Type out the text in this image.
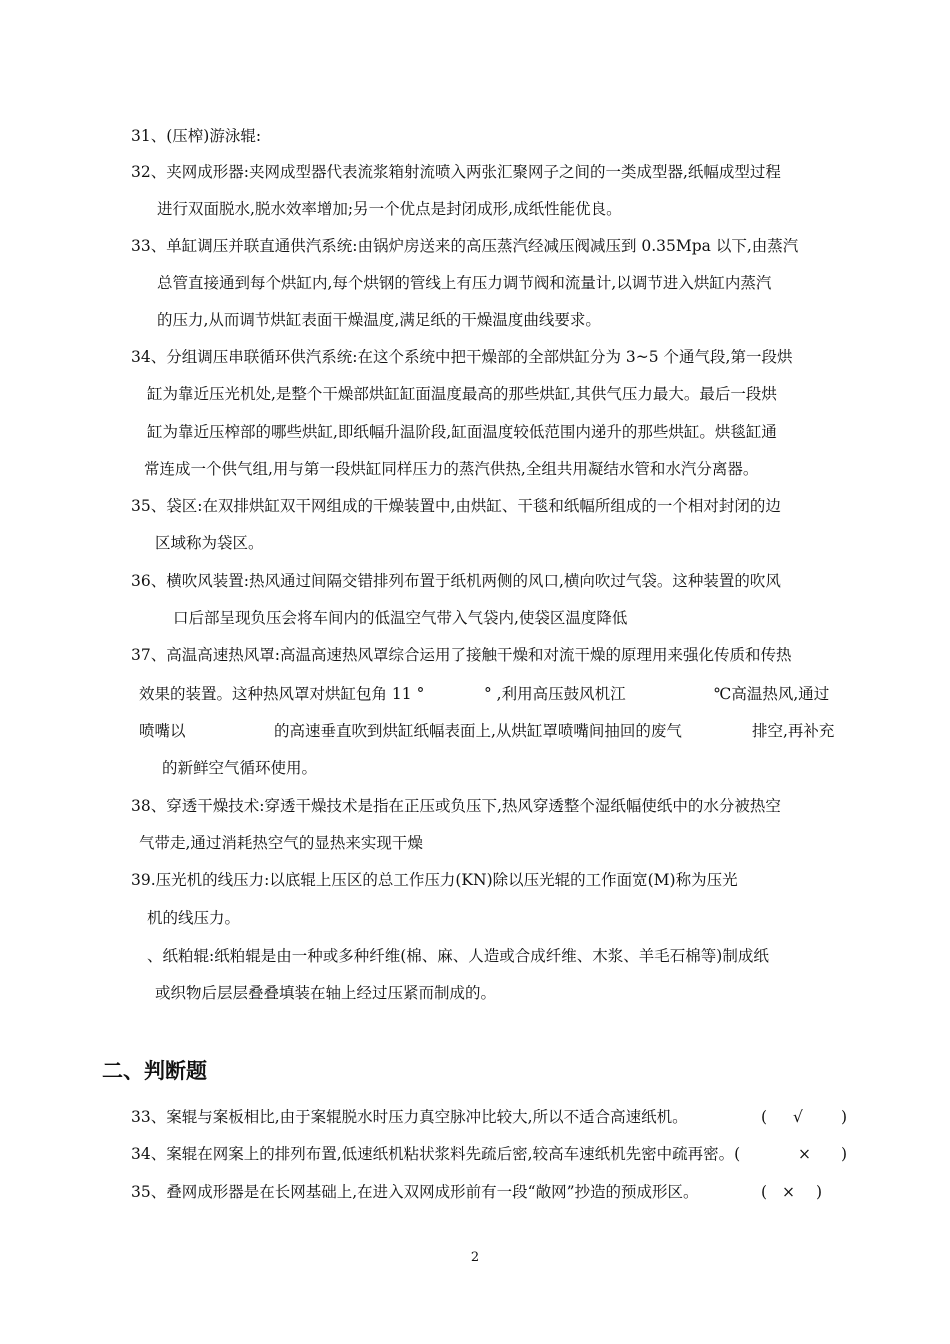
31、(压榨)游泳辊:
32、夹网成形器:夹网成型器代表流浆箱射流喷入两张汇聚网子之间的一类成型器,纸幅成型过程
进行双面脱水,脱水效率增加;另一个优点是封闭成形,成纸性能优良。
33、单缸调压并联直通供汽系统:由锅炉房送来的高压蒸汽经减压阀减压到 0.35Mpa 以下,由蒸汽
总管直接通到每个烘缸内,每个烘钢的管线上有压力调节阀和流量计,以调节进入烘缸内蒸汽
的压力,从而调节烘缸表面干燥温度,满足纸的干燥温度曲线要求。
34、分组调压串联循环供汽系统:在这个系统中把干燥部的全部烘缸分为 3~5 个通气段,第一段烘
缸为靠近压光机处,是整个干燥部烘缸缸面温度最高的那些烘缸,其供气压力最大。最后一段烘
缸为靠近压榨部的哪些烘缸,即纸幅升温阶段,缸面温度较低范围内递升的那些烘缸。烘毯缸通
常连成一个供气组,用与第一段烘缸同样压力的蒸汽供热,全组共用凝结水管和水汽分离器。
35、袋区:在双排烘缸双干网组成的干燥装置中,由烘缸、干毯和纸幅所组成的一个相对封闭的边
区域称为袋区。
36、横吹风装置:热风通过间隔交错排列布置于纸机两侧的风口,横向吹过气袋。这种装置的吹风
口后部呈现负压会将车间内的低温空气带入气袋内,使袋区温度降低
37、高温高速热风罩:高温高速热风罩综合运用了接触干燥和对流干燥的原理用来强化传质和传热
效果的装置。这种热风罩对烘缸包角 11 °	° ,利用高压鼓风机江	℃高温热风,通过
喷嘴以	的高速垂直吹到烘缸纸幅表面上,从烘缸罩喷嘴间抽回的废气	排空,再补充
的新鲜空气循环使用。
38、穿透干燥技术:穿透干燥技术是指在正压或负压下,热风穿透整个湿纸幅使纸中的水分被热空
气带走,通过消耗热空气的显热来实现干燥
39.压光机的线压力:以底辊上压区的总工作压力(KN)除以压光辊的工作面宽(M)称为压光
机的线压力。
、纸粕辊:纸粕辊是由一种或多种纤维(棉、麻、人造或合成纤维、木浆、羊毛石棉等)制成纸
或织物后层层叠叠填装在轴上经过压紧而制成的。
二、判断题
33、案辊与案板相比,由于案辊脱水时压力真空脉冲比较大,所以不适合高速纸机。	( √ )
34、案辊在网案上的排列布置,低速纸机粘状浆料先疏后密,较高车速纸机先密中疏再密。(	× )
35、叠网成形器是在长网基础上,在进入双网成形前有一段“敞网”抄造的预成形区。	( × )
2
